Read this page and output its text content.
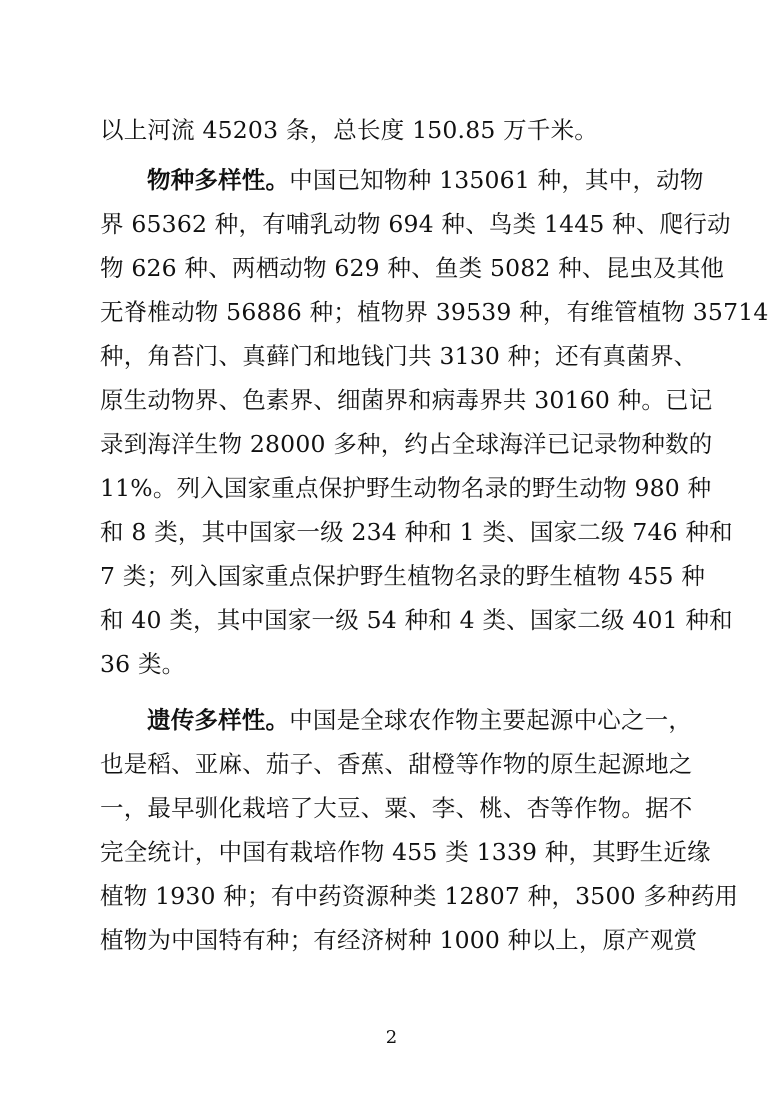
以上河流 45203 条，总长度 150.85 万千米。
物种多样性。中国已知物种 135061 种，其中，动物
界 65362 种，有哺乳动物 694 种、鸟类 1445 种、爬行动
物 626 种、两栖动物 629 种、鱼类 5082 种、昆虫及其他
无脊椎动物 56886 种；植物界 39539 种，有维管植物 35714
种，角苔门、真藓门和地钱门共 3130 种；还有真菌界、
原生动物界、色素界、细菌界和病毒界共 30160 种。已记
录到海洋生物 28000 多种，约占全球海洋已记录物种数的
11%。列入国家重点保护野生动物名录的野生动物 980 种
和 8 类，其中国家一级 234 种和 1 类、国家二级 746 种和
7 类；列入国家重点保护野生植物名录的野生植物 455 种
和 40 类，其中国家一级 54 种和 4 类、国家二级 401 种和
36 类。
遗传多样性。中国是全球农作物主要起源中心之一，
也是稻、亚麻、茄子、香蕉、甜橙等作物的原生起源地之
一，最早驯化栽培了大豆、粟、李、桃、杏等作物。据不
完全统计，中国有栽培作物 455 类 1339 种，其野生近缘
植物 1930 种；有中药资源种类 12807 种，3500 多种药用
植物为中国特有种；有经济树种 1000 种以上，原产观赏
2
